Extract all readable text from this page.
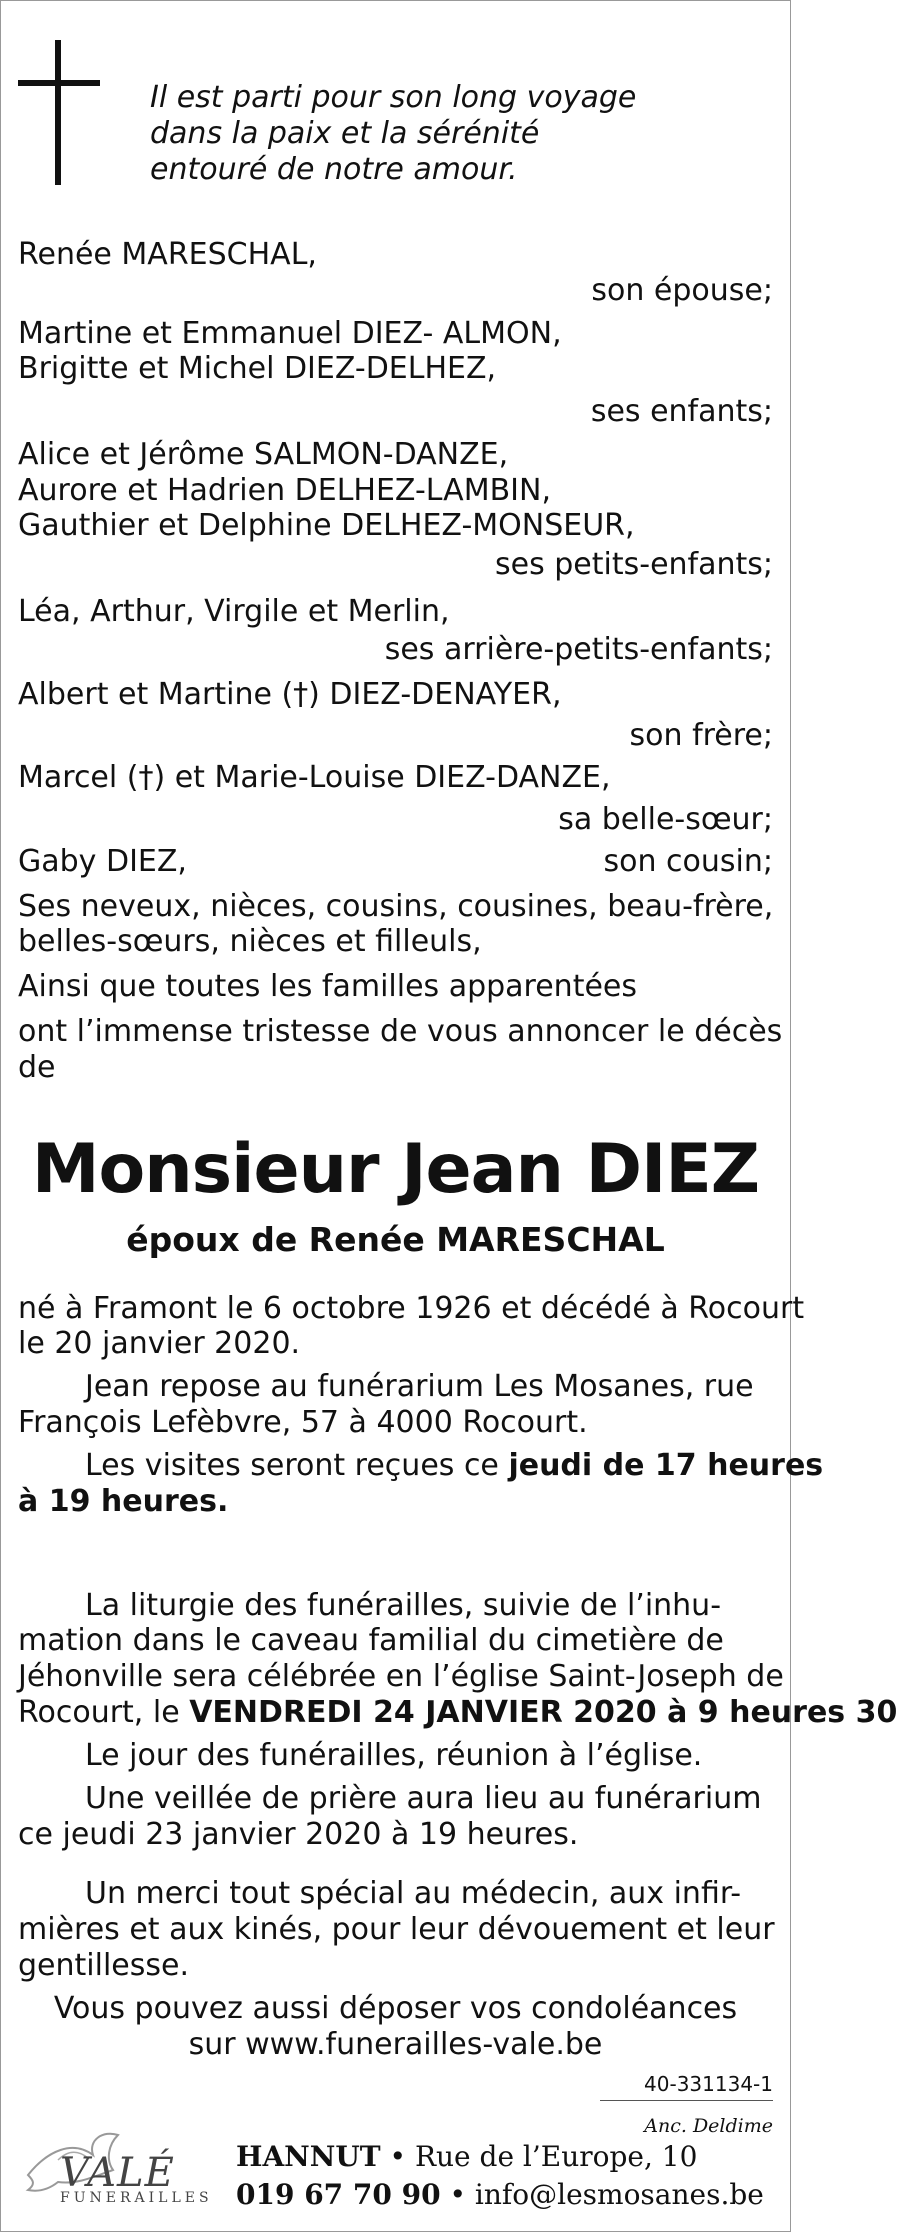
Il est parti pour son long voyage
dans la paix et la sérénité
entouré de notre amour.
Renée MARESCHAL,
son épouse;
Martine et Emmanuel DIEZ- ALMON,
Brigitte et Michel DIEZ-DELHEZ,
ses enfants;
Alice et Jérôme SALMON-DANZE,
Aurore et Hadrien DELHEZ-LAMBIN,
Gauthier et Delphine DELHEZ-MONSEUR,
ses petits-enfants;
Léa, Arthur, Virgile et Merlin,
ses arrière-petits-enfants;
Albert et Martine (†) DIEZ-DENAYER,
son frère;
Marcel (†) et Marie-Louise DIEZ-DANZE,
sa belle-sœur;
Gaby DIEZ,	son cousin;
Ses neveux, nièces, cousins, cousines, beau-frère,
belles-sœurs, nièces et filleuls,
Ainsi que toutes les familles apparentées
ont l’immense tristesse de vous annoncer le décès
de
Monsieur Jean DIEZ
époux de Renée MARESCHAL
né à Framont le 6 octobre 1926 et décédé à Rocourt
le 20 janvier 2020.
Jean repose au funérarium Les Mosanes, rue
François Lefèbvre, 57 à 4000 Rocourt.
Les visites seront reçues ce jeudi de 17 heures
à 19 heures.
La liturgie des funérailles, suivie de l’inhu-
mation dans le caveau familial du cimetière de
Jéhonville sera célébrée en l’église Saint-Joseph de
Rocourt, le VENDREDI 24 JANVIER 2020 à 9 heures 30
Le jour des funérailles, réunion à l’église.
Une veillée de prière aura lieu au funérarium
ce jeudi 23 janvier 2020 à 19 heures.
Un merci tout spécial au médecin, aux infir-
mières et aux kinés, pour leur dévouement et leur
gentillesse.
Vous pouvez aussi déposer vos condoléances
sur www.funerailles-vale.be
40-331134-1
Anc. Deldime
VALÉ
FUNERAILLES
HANNUT • Rue de l’Europe, 10
019 67 70 90 • info@lesmosanes.be
